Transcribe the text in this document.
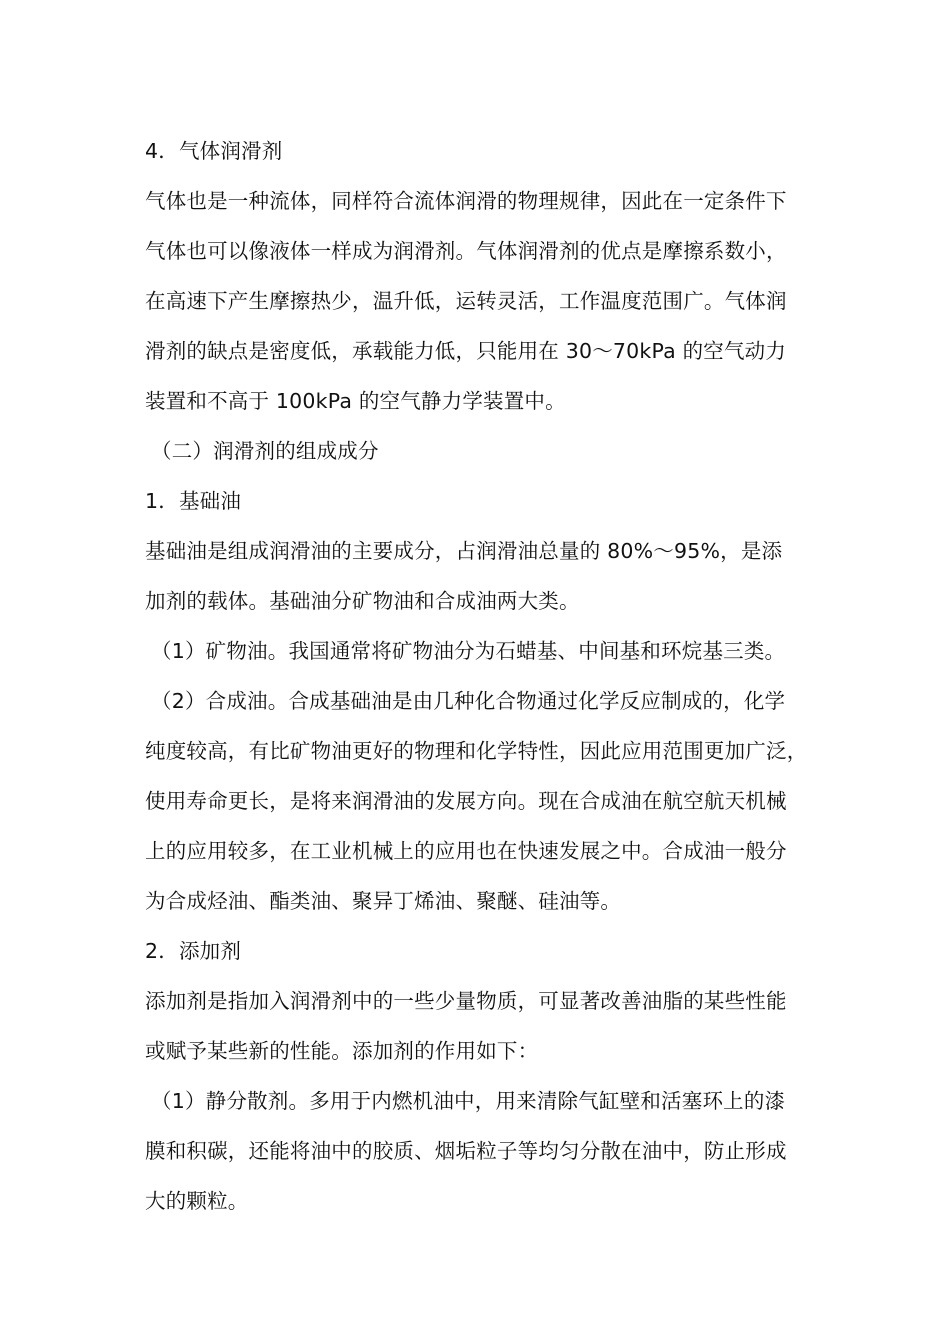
4．气体润滑剂
气体也是一种流体，同样符合流体润滑的物理规律，因此在一定条件下
气体也可以像液体一样成为润滑剂。气体润滑剂的优点是摩擦系数小，
在高速下产生摩擦热少，温升低，运转灵活，工作温度范围广。气体润
滑剂的缺点是密度低，承载能力低，只能用在 30～70kPa 的空气动力
装置和不高于 100kPa 的空气静力学装置中。
（二）润滑剂的组成成分
1．基础油
基础油是组成润滑油的主要成分，占润滑油总量的 80%～95%，是添
加剂的载体。基础油分矿物油和合成油两大类。
（1）矿物油。我国通常将矿物油分为石蜡基、中间基和环烷基三类。
（2）合成油。合成基础油是由几种化合物通过化学反应制成的，化学
纯度较高，有比矿物油更好的物理和化学特性，因此应用范围更加广泛，
使用寿命更长，是将来润滑油的发展方向。现在合成油在航空航天机械
上的应用较多，在工业机械上的应用也在快速发展之中。合成油一般分
为合成烃油、酯类油、聚异丁烯油、聚醚、硅油等。
2．添加剂
添加剂是指加入润滑剂中的一些少量物质，可显著改善油脂的某些性能
或赋予某些新的性能。添加剂的作用如下：
（1）静分散剂。多用于内燃机油中，用来清除气缸壁和活塞环上的漆
膜和积碳，还能将油中的胶质、烟垢粒子等均匀分散在油中，防止形成
大的颗粒。
